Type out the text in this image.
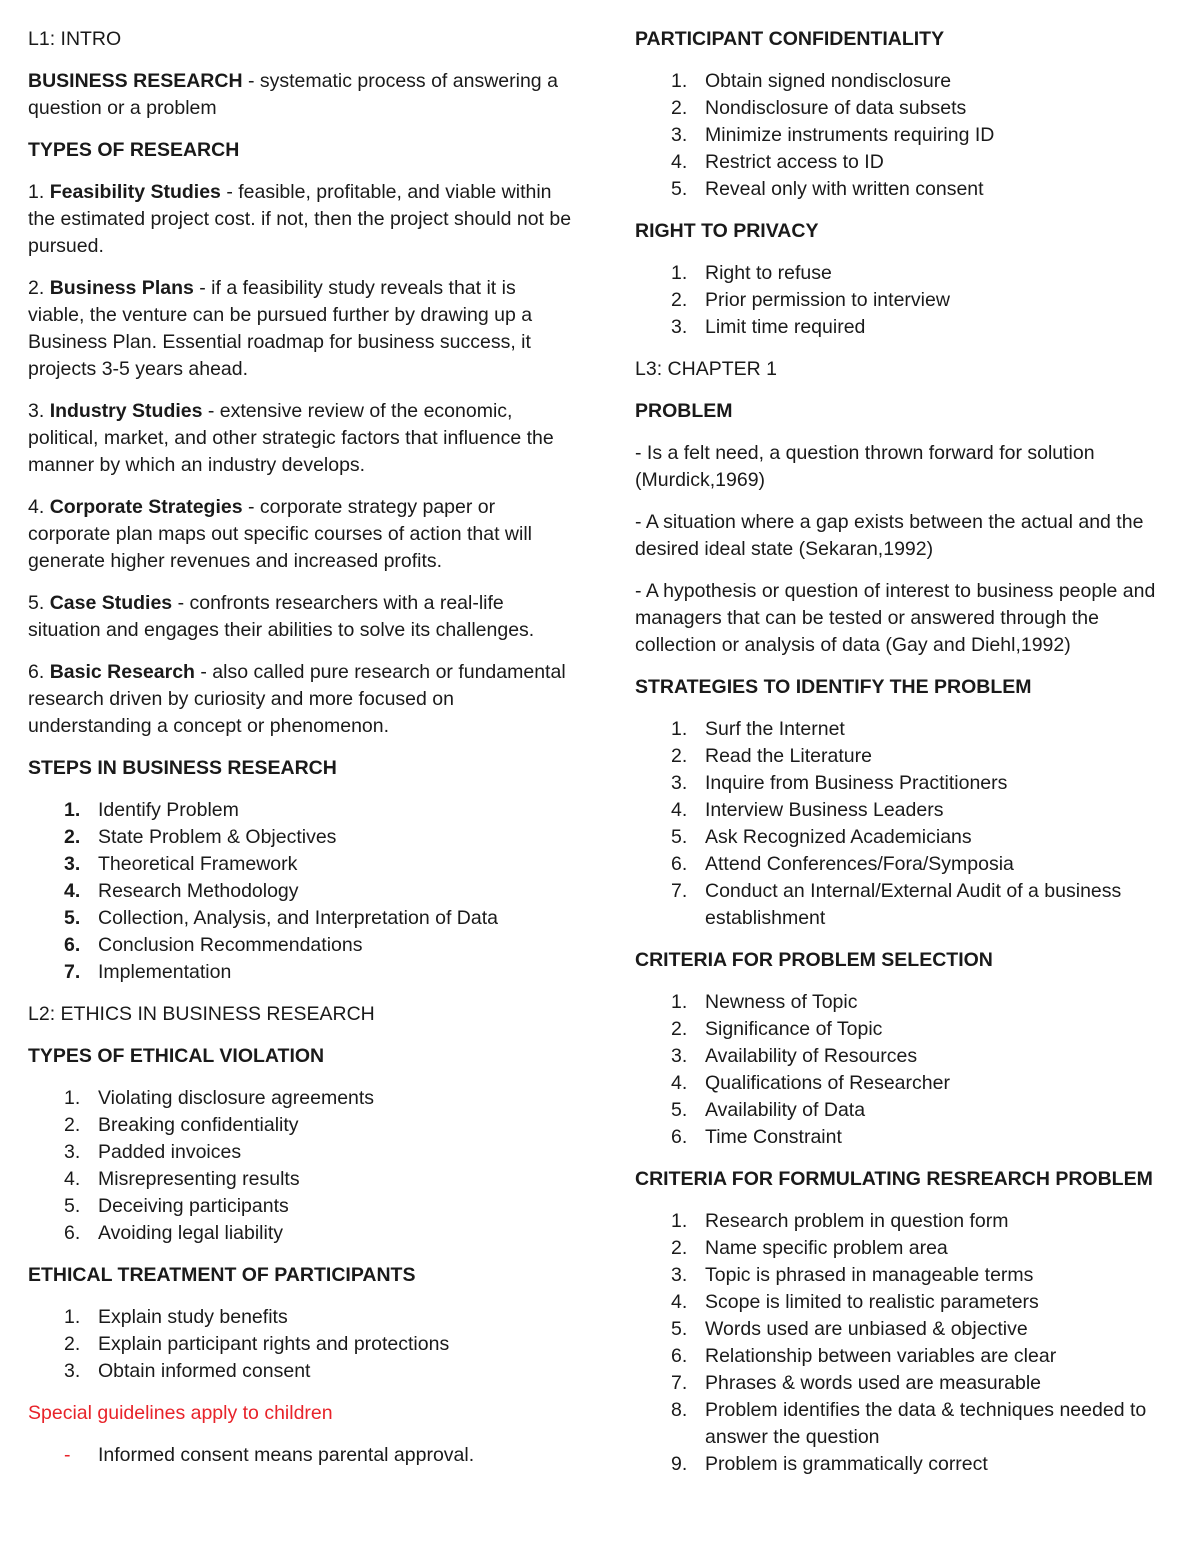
L1: INTRO

BUSINESS RESEARCH - systematic process of answering a question or a problem

TYPES OF RESEARCH

1. Feasibility Studies - feasible, profitable, and viable within the estimated project cost. if not, then the project should not be pursued.

2. Business Plans - if a feasibility study reveals that it is viable, the venture can be pursued further by drawing up a Business Plan. Essential roadmap for business success, it projects 3-5 years ahead.

3. Industry Studies - extensive review of the economic, political, market, and other strategic factors that influence the manner by which an industry develops.

4. Corporate Strategies - corporate strategy paper or corporate plan maps out specific courses of action that will generate higher revenues and increased profits.

5. Case Studies - confronts researchers with a real-life situation and engages their abilities to solve its challenges.

6. Basic Research - also called pure research or fundamental research driven by curiosity and more focused on understanding a concept or phenomenon.

STEPS IN BUSINESS RESEARCH
1. Identify Problem
2. State Problem & Objectives
3. Theoretical Framework
4. Research Methodology
5. Collection, Analysis, and Interpretation of Data
6. Conclusion Recommendations
7. Implementation
L2: ETHICS IN BUSINESS RESEARCH
TYPES OF ETHICAL VIOLATION
1. Violating disclosure agreements
2. Breaking confidentiality
3. Padded invoices
4. Misrepresenting results
5. Deceiving participants
6. Avoiding legal liability
ETHICAL TREATMENT OF PARTICIPANTS
1. Explain study benefits
2. Explain participant rights and protections
3. Obtain informed consent
Special guidelines apply to children
-	Informed consent means parental approval.
PARTICIPANT CONFIDENTIALITY
1. Obtain signed nondisclosure
2. Nondisclosure of data subsets
3. Minimize instruments requiring ID
4. Restrict access to ID
5. Reveal only with written consent
RIGHT TO PRIVACY
1. Right to refuse
2. Prior permission to interview
3. Limit time required
L3: CHAPTER 1
PROBLEM

- Is a felt need, a question thrown forward for solution (Murdick,1969)

- A situation where a gap exists between the actual and the desired ideal state (Sekaran,1992)

- A hypothesis or question of interest to business people and managers that can be tested or answered through the collection or analysis of data (Gay and Diehl,1992)

STRATEGIES TO IDENTIFY THE PROBLEM
1. Surf the Internet
2. Read the Literature
3. Inquire from Business Practitioners
4. Interview Business Leaders
5. Ask Recognized Academicians
6. Attend Conferences/Fora/Symposia
7. Conduct an Internal/External Audit of a business establishment
CRITERIA FOR PROBLEM SELECTION
1. Newness of Topic
2. Significance of Topic
3. Availability of Resources
4. Qualifications of Researcher
5. Availability of Data
6. Time Constraint
CRITERIA FOR FORMULATING RESREARCH PROBLEM
1. Research problem in question form
2. Name specific problem area
3. Topic is phrased in manageable terms
4. Scope is limited to realistic parameters
5. Words used are unbiased & objective
6. Relationship between variables are clear
7. Phrases & words used are measurable
8. Problem identifies the data & techniques needed to answer the question
9. Problem is grammatically correct
